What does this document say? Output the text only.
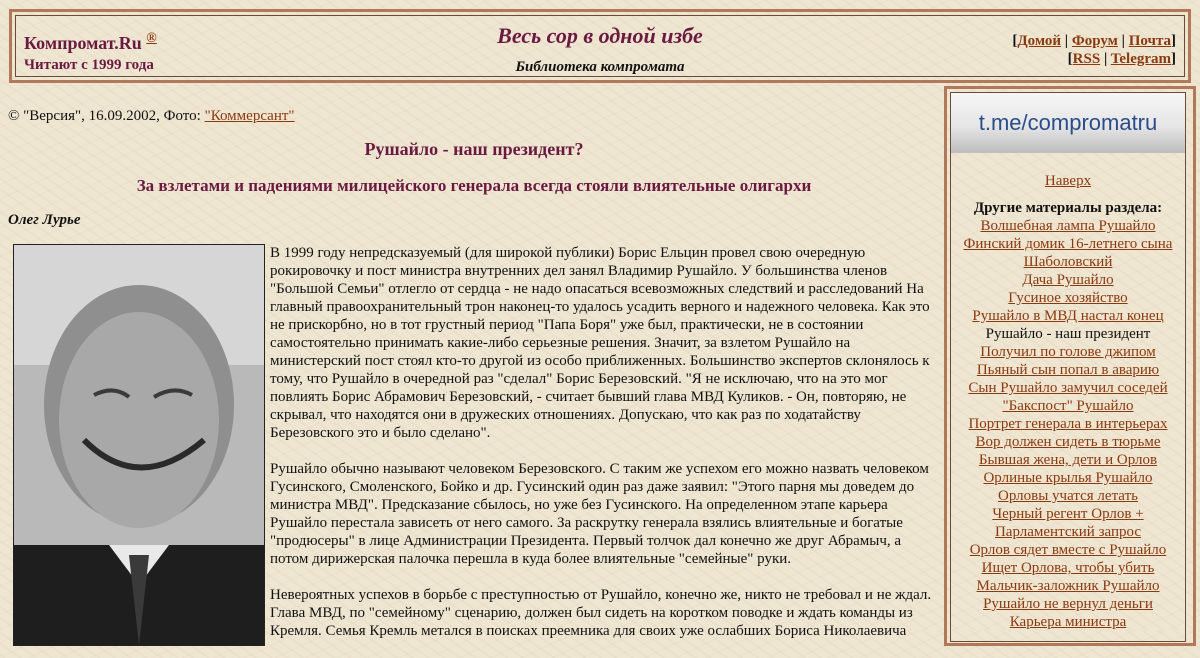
Компромат.Ru ®
Читают с 1999 года
Весь сор в одной избе
Библиотека компромата
[Домой | Форум | Почта]
[RSS | Telegram]
© "Версия", 16.09.2002, Фото: "Коммерсант"
Рушайло - наш президент?
За взлетами и падениями милицейского генерала всегда стояли влиятельные олигархи
Олег Лурье

В 1999 году непредсказуемый (для широкой публики) Борис Ельцин провел свою очередную рокировочку и пост министра внутренних дел занял Владимир Рушайло. У большинства членов "Большой Семьи" отлегло от сердца - не надо опасаться всевозможных следствий и расследований На главный правоохранительный трон наконец-то удалось усадить верного и надежного человека. Как это не прискорбно, но в тот грустный период "Папа Боря" уже был, практически, не в состоянии самостоятельно принимать какие-либо серьезные решения. Значит, за взлетом Рушайло на министерский пост стоял кто-то другой из особо приближенных. Большинство экспертов склонялось к тому, что Рушайло в очередной раз "сделал" Борис Березовский. "Я не исключаю, что на это мог повлиять Борис Абрамович Березовский, - считает бывший глава МВД Куликов. - Он, повторяю, не скрывал, что находятся они в дружеских отношениях. Допускаю, что как раз по ходатайству Березовского это и было сделано".

Рушайло обычно называют человеком Березовского. С таким же успехом его можно назвать человеком Гусинского, Смоленского, Бойко и др. Гусинский один раз даже заявил: "Этого парня мы доведем до министра МВД". Предсказание сбылось, но уже без Гусинского. На определенном этапе карьера Рушайло перестала зависеть от него самого. За раскрутку генерала взялись влиятельные и богатые "продюсеры" в лице Администрации Президента. Первый толчок дал конечно же друг Абрамыч, а потом дирижерская палочка перешла в куда более влиятельные "семейные" руки.

Невероятных успехов в борьбе с преступностью от Рушайло, конечно же, никто не требовал и не ждал. Глава МВД, по "семейному" сценарию, должен был сидеть на коротком поводке и ждать команды из Кремля. Семья Кремль метался в поисках преемника для своих уже ослабших Бориса Николаевича

t.me/compromatru
Наверх
Другие материалы раздела:
Волшебная лампа Рушайло
Финский домик 16-летнего сына
Шаболовский
Дача Рушайло
Гусиное хозяйство
Рушайло в МВД настал конец
Рушайло - наш президент
Получил по голове джипом
Пьяный сын попал в аварию
Сын Рушайло замучил соседей
"Бакспост" Рушайло
Портрет генерала в интерьерах
Вор должен сидеть в тюрьме
Бывшая жена, дети и Орлов
Орлиные крылья Рушайло
Орловы учатся летать
Черный регент Орлов +
Парламентский запрос
Орлов сядет вместе с Рушайло
Ищет Орлова, чтобы убить
Мальчик-заложник Рушайло
Рушайло не вернул деньги
Карьера министра
